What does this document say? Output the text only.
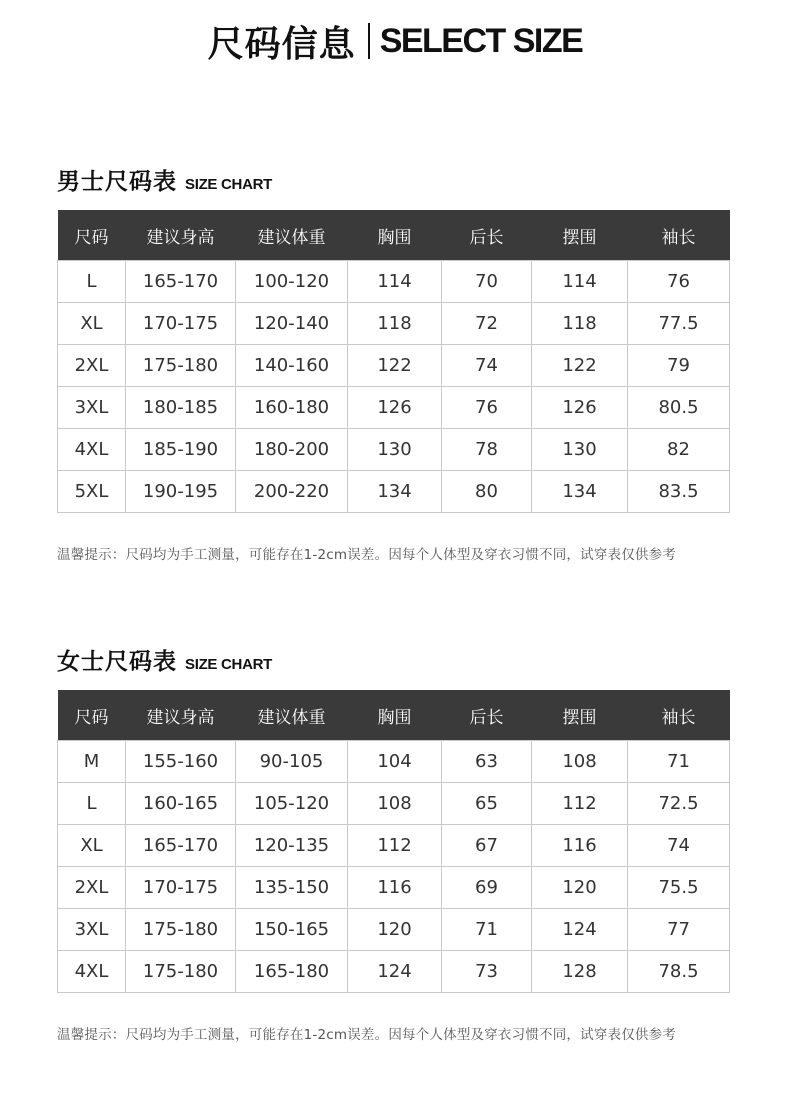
尺码信息 SELECT SIZE
男士尺码表 SIZE CHART
尺码	建议身高	建议体重	胸围	后长	摆围	袖长
L	165-170	100-120	114	70	114	76
XL	170-175	120-140	118	72	118	77.5
2XL	175-180	140-160	122	74	122	79
3XL	180-185	160-180	126	76	126	80.5
4XL	185-190	180-200	130	78	130	82
5XL	190-195	200-220	134	80	134	83.5
温馨提示：尺码均为手工测量，可能存在1-2cm误差。因每个人体型及穿衣习惯不同，试穿表仅供参考
女士尺码表 SIZE CHART
尺码	建议身高	建议体重	胸围	后长	摆围	袖长
M	155-160	90-105	104	63	108	71
L	160-165	105-120	108	65	112	72.5
XL	165-170	120-135	112	67	116	74
2XL	170-175	135-150	116	69	120	75.5
3XL	175-180	150-165	120	71	124	77
4XL	175-180	165-180	124	73	128	78.5
温馨提示：尺码均为手工测量，可能存在1-2cm误差。因每个人体型及穿衣习惯不同，试穿表仅供参考
